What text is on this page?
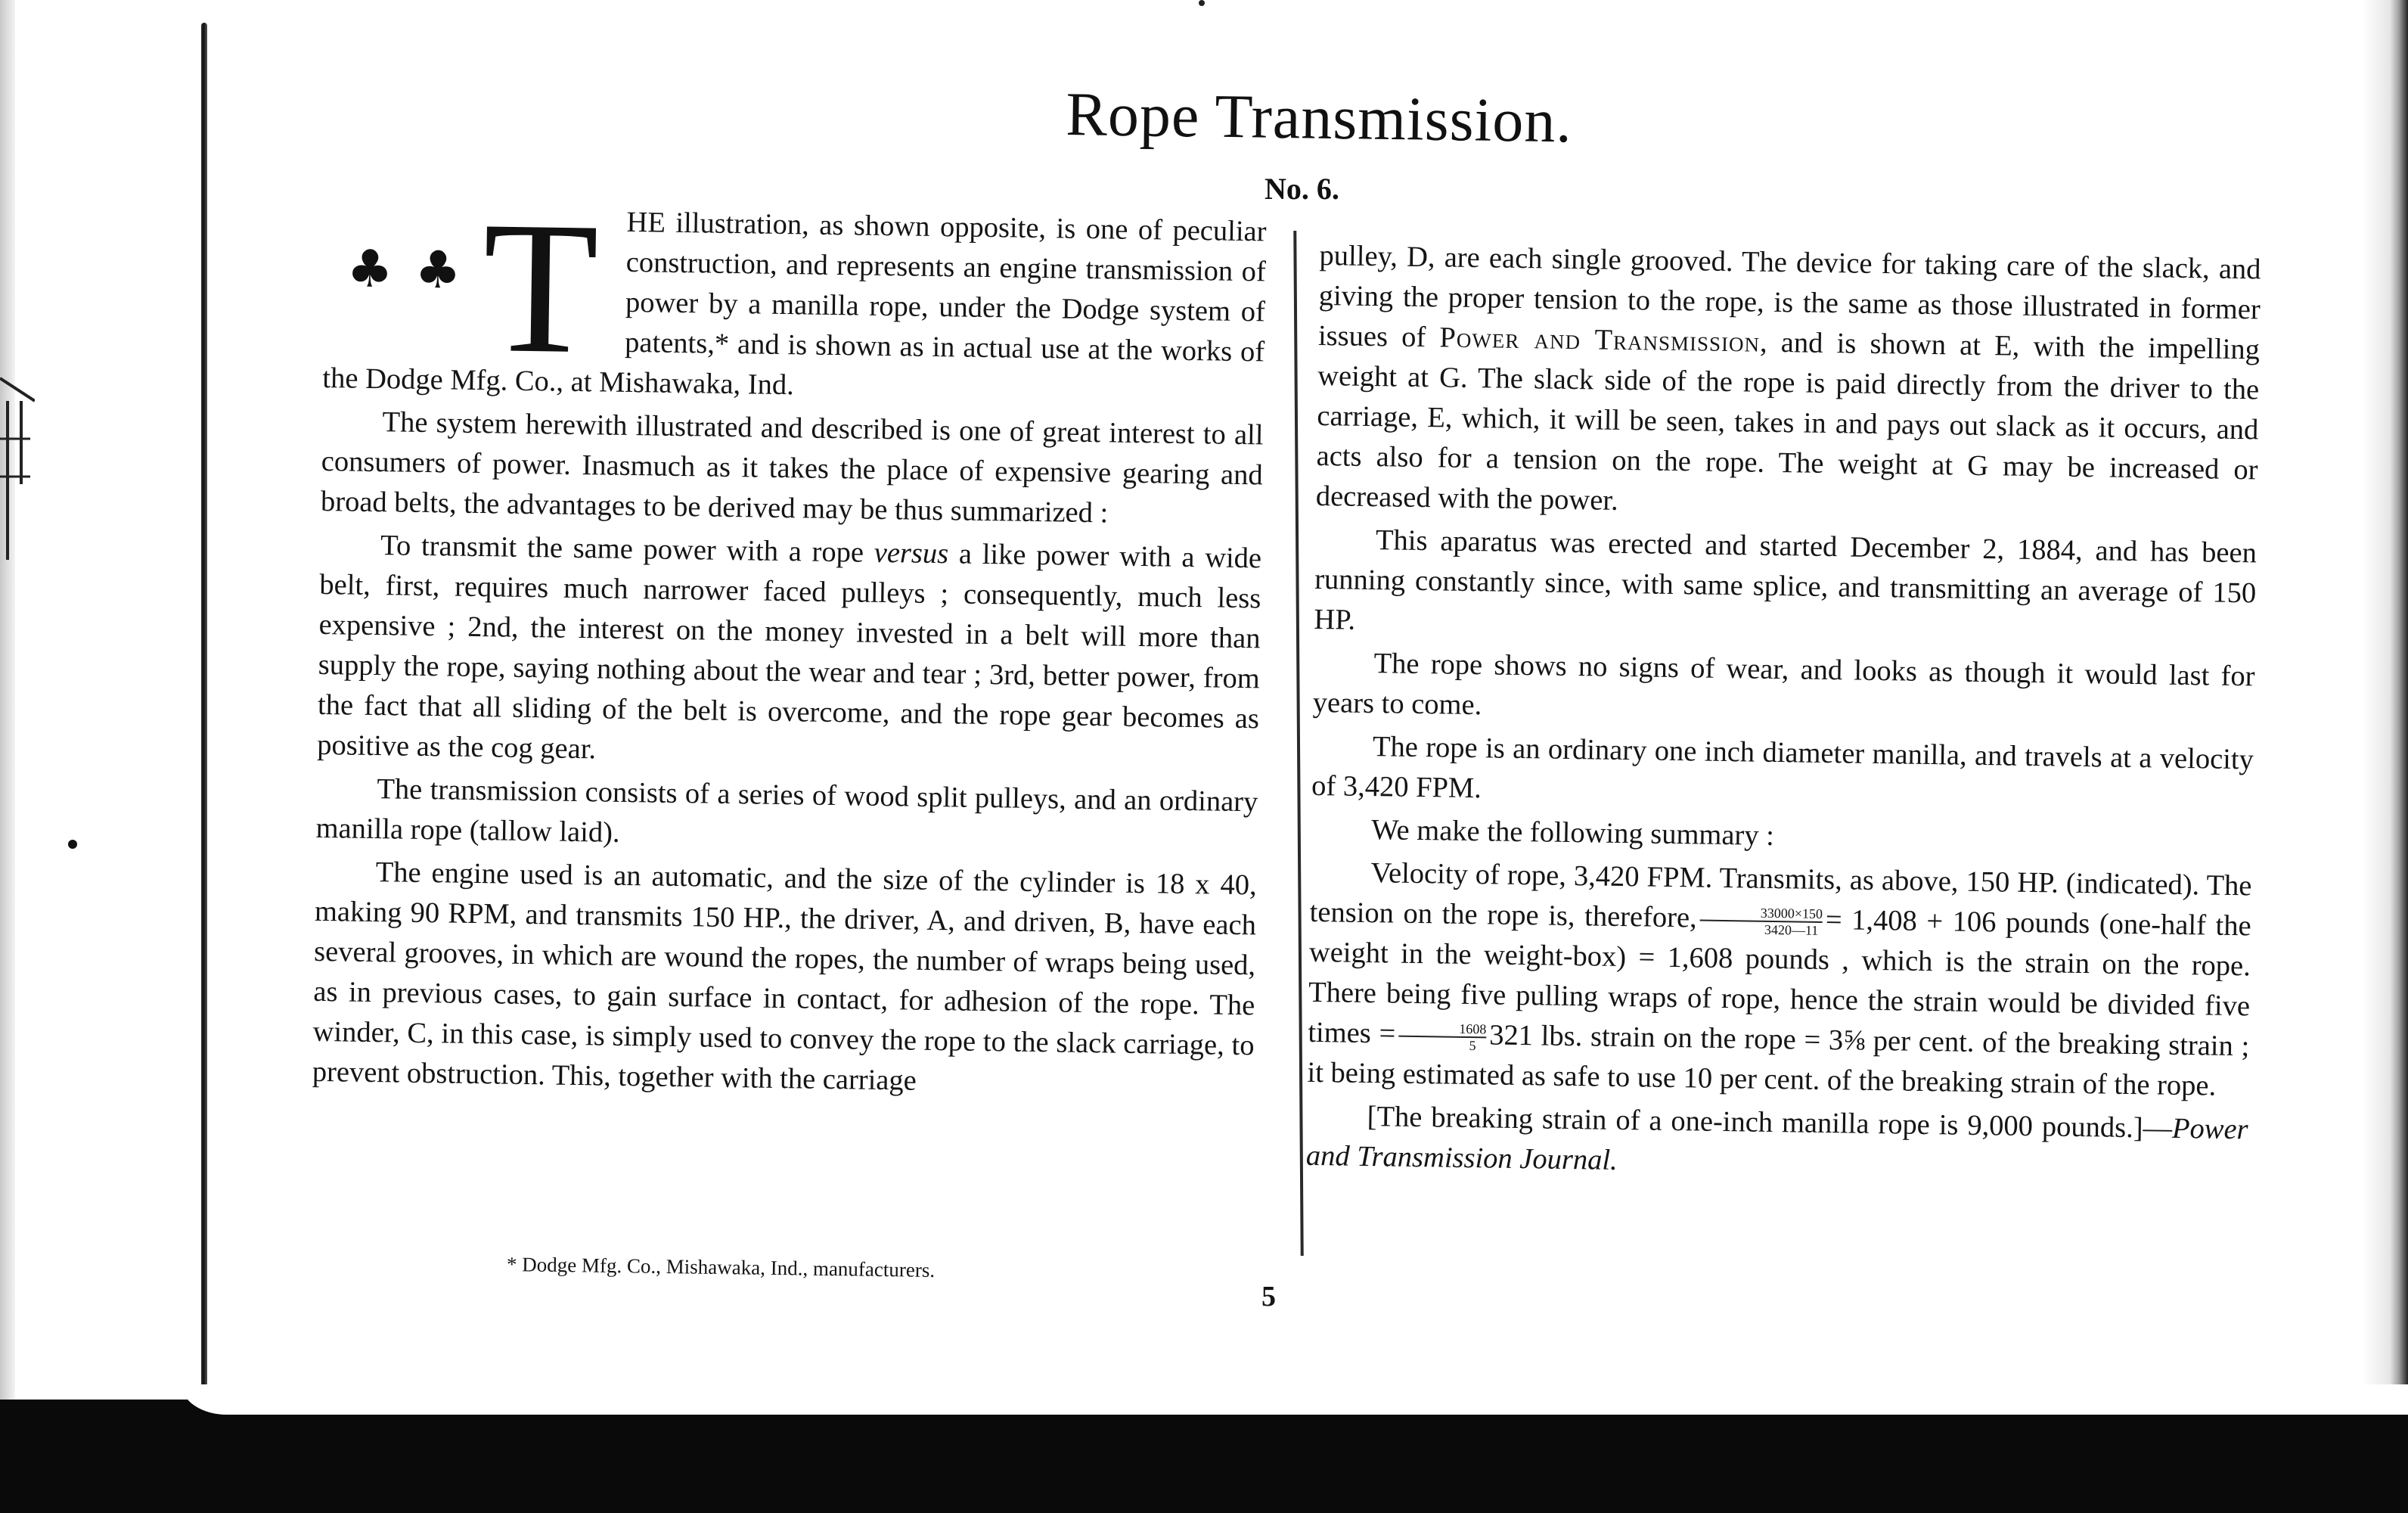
Rope Transmission.
No. 6.

♣ ♣ T HE illustration, as shown opposite, is one of peculiar construction, and represents an engine transmission of power by a manilla rope, under the Dodge system of patents,* and is shown as in actual use at the works of the Dodge Mfg. Co., at Mishawaka, Ind.

The system herewith illustrated and described is one of great interest to all consumers of power. Inasmuch as it takes the place of expensive gearing and broad belts, the advantages to be derived may be thus summarized :

To transmit the same power with a rope versus a like power with a wide belt, first, requires much narrower faced pulleys ; consequently, much less expensive ; 2nd, the interest on the money invested in a belt will more than supply the rope, saying nothing about the wear and tear ; 3rd, better power, from the fact that all sliding of the belt is overcome, and the rope gear becomes as positive as the cog gear.

The transmission consists of a series of wood split pulleys, and an ordinary manilla rope (tallow laid).

The engine used is an automatic, and the size of the cylinder is 18 x 40, making 90 RPM, and transmits 150 HP., the driver, A, and driven, B, have each several grooves, in which are wound the ropes, the number of wraps being used, as in previous cases, to gain surface in contact, for adhesion of the rope. The winder, C, in this case, is simply used to convey the rope to the slack carriage, to prevent obstruction. This, together with the carriage

pulley, D, are each single grooved. The device for taking care of the slack, and giving the proper tension to the rope, is the same as those illustrated in former issues of Power and Transmission, and is shown at E, with the impelling weight at G. The slack side of the rope is paid directly from the driver to the carriage, E, which, it will be seen, takes in and pays out slack as it occurs, and acts also for a tension on the rope. The weight at G may be increased or decreased with the power.

This aparatus was erected and started December 2, 1884, and has been running constantly since, with same splice, and transmitting an average of 150 HP.

The rope shows no signs of wear, and looks as though it would last for years to come.

The rope is an ordinary one inch diameter manilla, and travels at a velocity of 3,420 FPM.

We make the following summary :

Velocity of rope, 3,420 FPM. Transmits, as above, 150 HP. (indicated). The tension on the rope is, therefore, $\frac{33000\times 150}{3420—11} = 1,408 + 106$ pounds (one-half the weight in the weight-box) = 1,608 pounds , which is the strain on the rope. There being five pulling wraps of rope, hence the strain would be divided five times = $\frac{1608}{5} 321$ lbs. strain on the rope = 3⅝ per cent. of the breaking strain ; it being estimated as safe to use 10 per cent. of the breaking strain of the rope.

[The breaking strain of a one-inch manilla rope is 9,000 pounds.]—Power and Transmission Journal.

* Dodge Mfg. Co., Mishawaka, Ind., manufacturers.
5
